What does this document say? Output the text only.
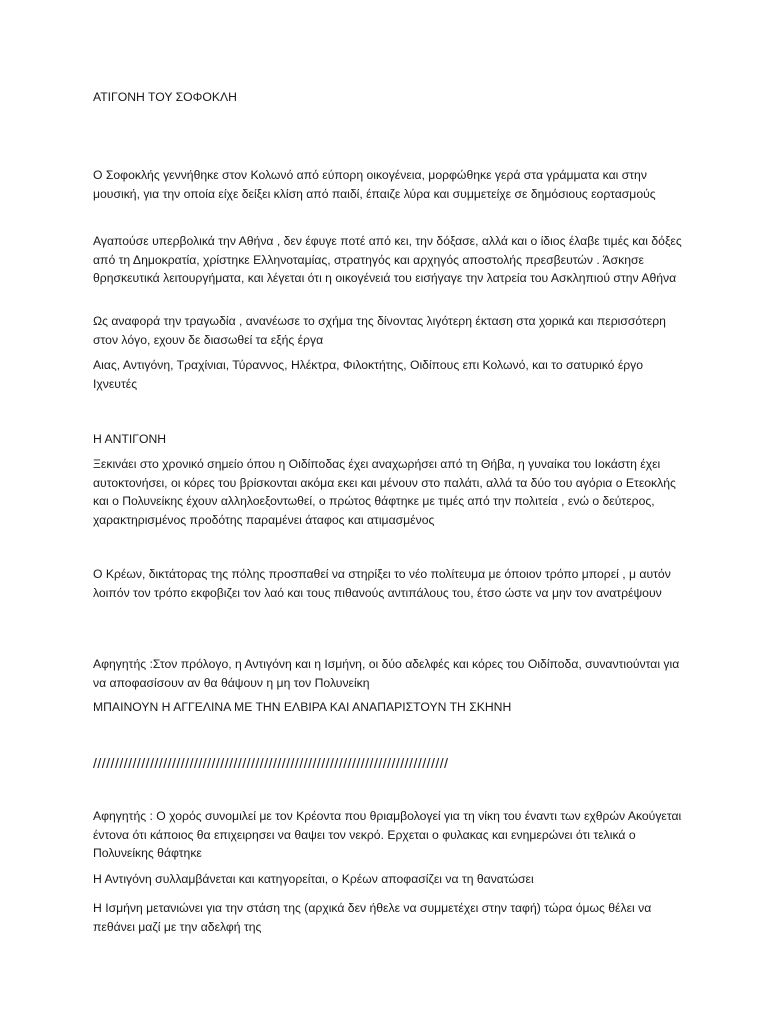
ΑΤΙΓΟΝΗ ΤΟΥ ΣΟΦΟΚΛΗ

Ο Σοφοκλής γεννήθηκε στον Κολωνό από εύπορη οικογένεια, μορφώθηκε γερά στα γράμματα και στην μουσική, για την οποία είχε δείξει κλίση από παιδί, έπαιζε λύρα και συμμετείχε σε δημόσιους εορτασμούς

Αγαπούσε υπερβολικά την Αθήνα , δεν έφυγε ποτέ από κει, την δόξασε, αλλά και ο ίδιος έλαβε τιμές και δόξες από τη Δημοκρατία, χρίστηκε Ελληνοταμίας, στρατηγός και αρχηγός αποστολής πρεσβευτών . Άσκησε θρησκευτικά λειτουργήματα, και λέγεται ότι η οικογένειά του εισήγαγε την λατρεία του Ασκληπιού στην Αθήνα

Ως αναφορά την τραγωδία , ανανέωσε το σχήμα της δίνοντας λιγότερη έκταση στα χορικά και περισσότερη στον λόγο, εχουν δε διασωθεί τα εξής έργα

Αιας, Αντιγόνη, Τραχίνιαι, Τύραννος, Ηλέκτρα, Φιλοκτήτης, Οιδίπους επι Κολωνό, και το σατυρικό έργο Ιχνευτές

Η ΑΝΤΙΓΟΝΗ

Ξεκινάει στο χρονικό σημείο όπου η Οιδίποδας έχει αναχωρήσει από τη Θήβα, η γυναίκα του Ιοκάστη έχει αυτοκτονήσει, οι κόρες του βρίσκονται ακόμα εκει και μένουν στο παλάτι, αλλά τα δύο του αγόρια ο Ετεοκλής και ο Πολυνείκης έχουν αλληλοεξοντωθεί, ο πρώτος θάφτηκε με τιμές από την πολιτεία , ενώ ο δεύτερος, χαρακτηρισμένος προδότης παραμένει άταφος και ατιμασμένος

Ο Κρέων, δικτάτορας της πόλης προσπαθεί να στηρίξει το νέο πολίτευμα με όποιον τρόπο μπορεί , μ αυτόν λοιπόν τον τρόπο εκφοβιζει τον λαό και τους πιθανούς αντιπάλους του, έτσο ώστε να μην τον ανατρέψουν

Αφηγητής :Στον πρόλογο, η Αντιγόνη και η Ισμήνη, οι δύο αδελφές και κόρες του Οιδίποδα, συναντιούνται για να αποφασίσουν αν θα θάψουν η μη τον Πολυνείκη

ΜΠΑΙΝΟΥΝ Η ΑΓΓΕΛΙΝΑ ΜΕ ΤΗΝ ΕΛΒΙΡΑ ΚΑΙ ΑΝΑΠΑΡΙΣΤΟΥΝ ΤΗ ΣΚΗΝΗ

/////////////////////////////////////////////////////////////////////////////////

Αφηγητής : Ο χορός συνομιλεί με τον Κρέοντα που θριαμβολογεί για τη νίκη του έναντι των εχθρών Ακούγεται έντονα ότι κάποιος θα επιχειρησει να θαψει τον νεκρό. Ερχεται ο φυλακας και ενημερώνει ότι τελικά ο Πολυνείκης θάφτηκε

Η Αντιγόνη συλλαμβάνεται και κατηγορείται, ο Κρέων αποφασίζει να τη θανατώσει

Η Ισμήνη μετανιώνει για την στάση της (αρχικά δεν ήθελε να συμμετέχει στην ταφή) τώρα όμως θέλει να πεθάνει μαζί με την αδελφή της
